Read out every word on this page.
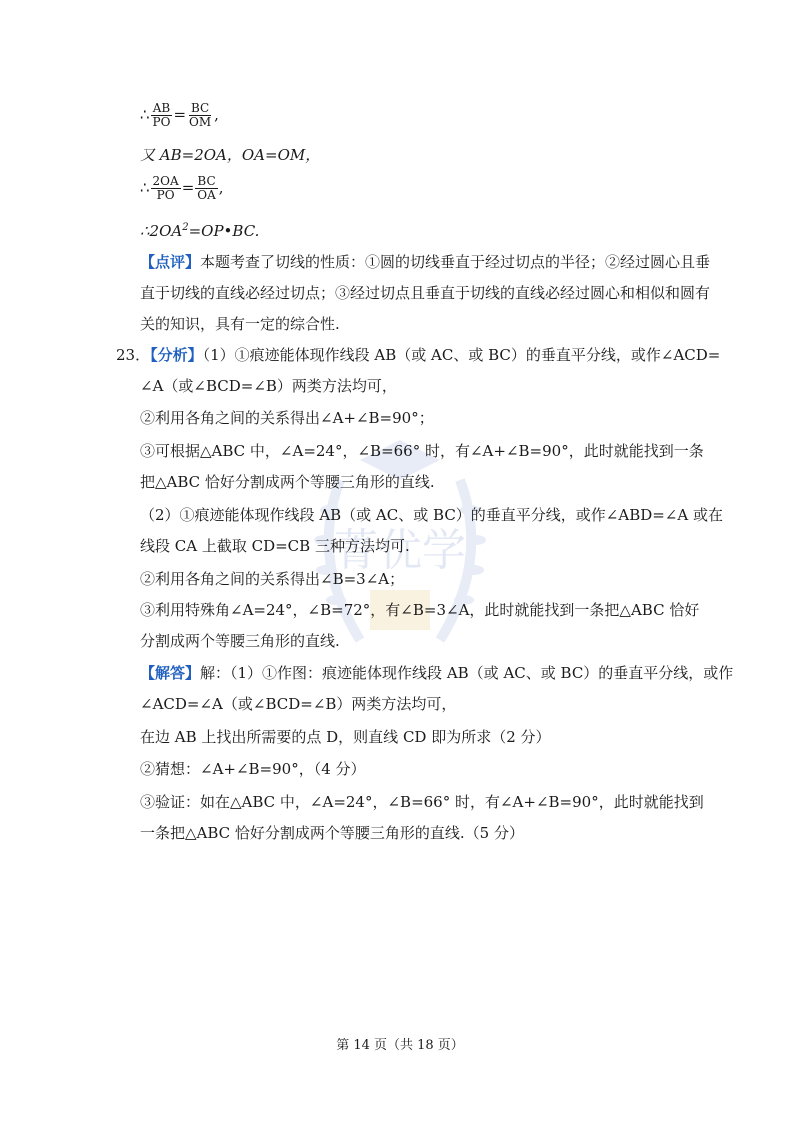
菁优学
∴ $\frac{AB}{PO} = \frac{BC}{OM}$ ,
又 AB=2OA，OA=OM，
∴ $\frac{2OA}{PO} = \frac{BC}{OA}$ ,
$\therefore 2OA^2=OP•BC$.
【点评】本题考查了切线的性质：①圆的切线垂直于经过切点的半径；②经过圆心且垂
直于切线的直线必经过切点；③经过切点且垂直于切线的直线必经过圆心和相似和圆有
关的知识，具有一定的综合性.
23．【分析】（1）①痕迹能体现作线段 AB（或 AC、或 BC）的垂直平分线，或作∠ACD=
∠A（或∠BCD=∠B）两类方法均可，
②利用各角之间的关系得出∠A+∠B=90°；
③可根据△ABC 中，∠A=24°，∠B=66° 时，有∠A+∠B=90°，此时就能找到一条
把△ABC 恰好分割成两个等腰三角形的直线.
（2）①痕迹能体现作线段 AB（或 AC、或 BC）的垂直平分线，或作∠ABD=∠A 或在
线段 CA 上截取 CD=CB 三种方法均可.
②利用各角之间的关系得出∠B=3∠A；
③利用特殊角∠A=24°，∠B=72°，有∠B=3∠A，此时就能找到一条把△ABC 恰好
分割成两个等腰三角形的直线.
【解答】解：（1）①作图：痕迹能体现作线段 AB（或 AC、或 BC）的垂直平分线，或作
∠ACD=∠A（或∠BCD=∠B）两类方法均可，
在边 AB 上找出所需要的点 D，则直线 CD 即为所求（2 分）
②猜想：∠A+∠B=90°，（4 分）
③验证：如在△ABC 中，∠A=24°，∠B=66° 时，有∠A+∠B=90°，此时就能找到
一条把△ABC 恰好分割成两个等腰三角形的直线.（5 分）
第 14 页（共 18 页）
